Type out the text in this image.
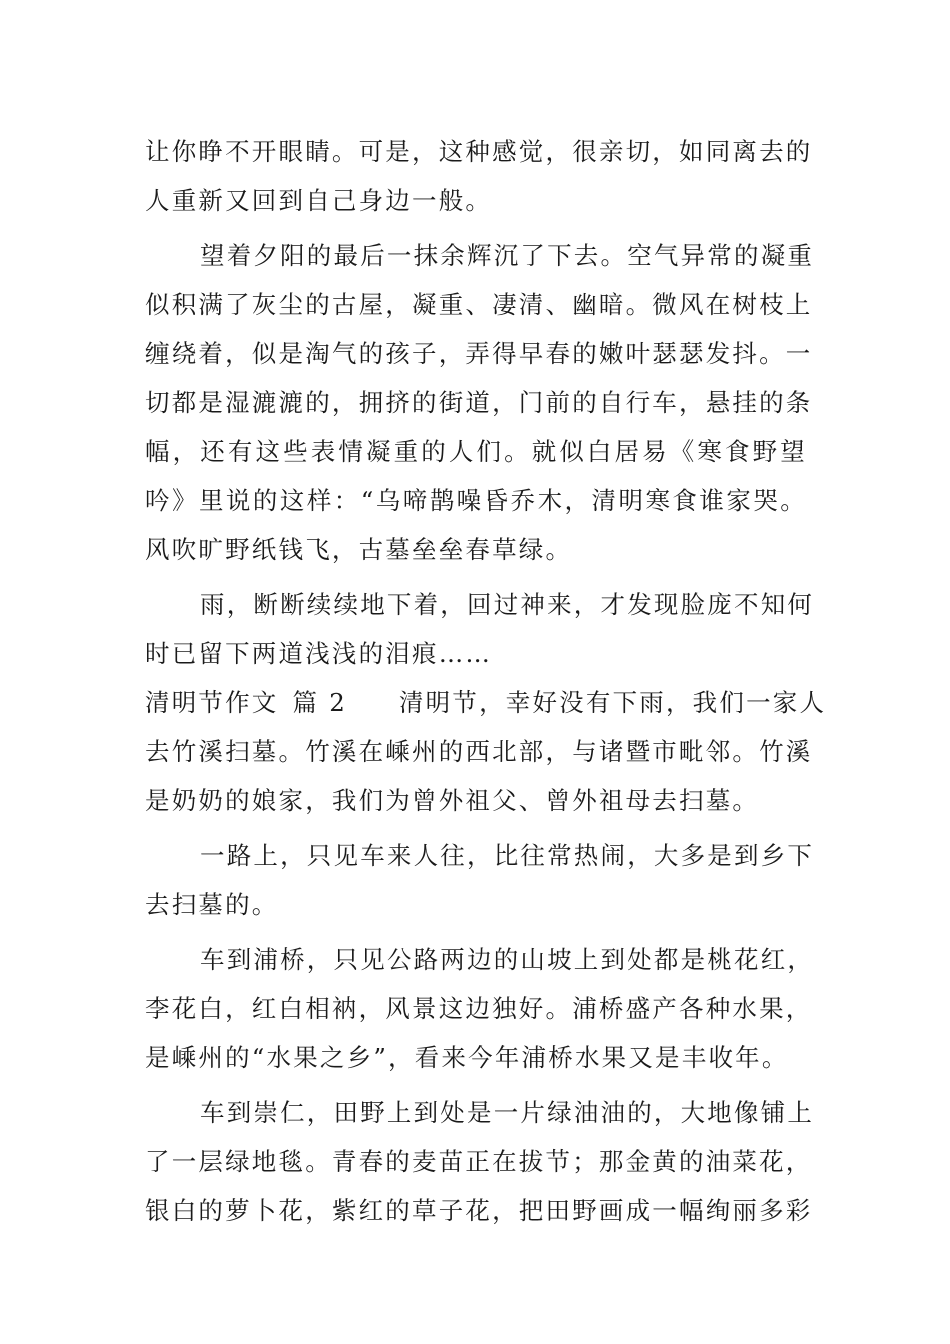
让你睁不开眼睛。可是，这种感觉，很亲切，如同离去的
人重新又回到自己身边一般。
望着夕阳的最后一抹余辉沉了下去。空气异常的凝重
似积满了灰尘的古屋，凝重、凄清、幽暗。微风在树枝上
缠绕着，似是淘气的孩子，弄得早春的嫩叶瑟瑟发抖。一
切都是湿漉漉的，拥挤的街道，门前的自行车，悬挂的条
幅，还有这些表情凝重的人们。就似白居易《寒食野望
吟》里说的这样：“乌啼鹊噪昏乔木，清明寒食谁家哭。
风吹旷野纸钱飞，古墓垒垒春草绿。
雨，断断续续地下着，回过神来，才发现脸庞不知何
时已留下两道浅浅的泪痕……
清明节作文 篇 2 清明节，幸好没有下雨，我们一家人
去竹溪扫墓。竹溪在嵊州的西北部，与诸暨市毗邻。竹溪
是奶奶的娘家，我们为曾外祖父、曾外祖母去扫墓。
一路上，只见车来人往，比往常热闹，大多是到乡下
去扫墓的。
车到浦桥，只见公路两边的山坡上到处都是桃花红，
李花白，红白相衲，风景这边独好。浦桥盛产各种水果，
是嵊州的“水果之乡”，看来今年浦桥水果又是丰收年。
车到崇仁，田野上到处是一片绿油油的，大地像铺上
了一层绿地毯。青春的麦苗正在拔节；那金黄的油菜花，
银白的萝卜花，紫红的草子花，把田野画成一幅绚丽多彩
